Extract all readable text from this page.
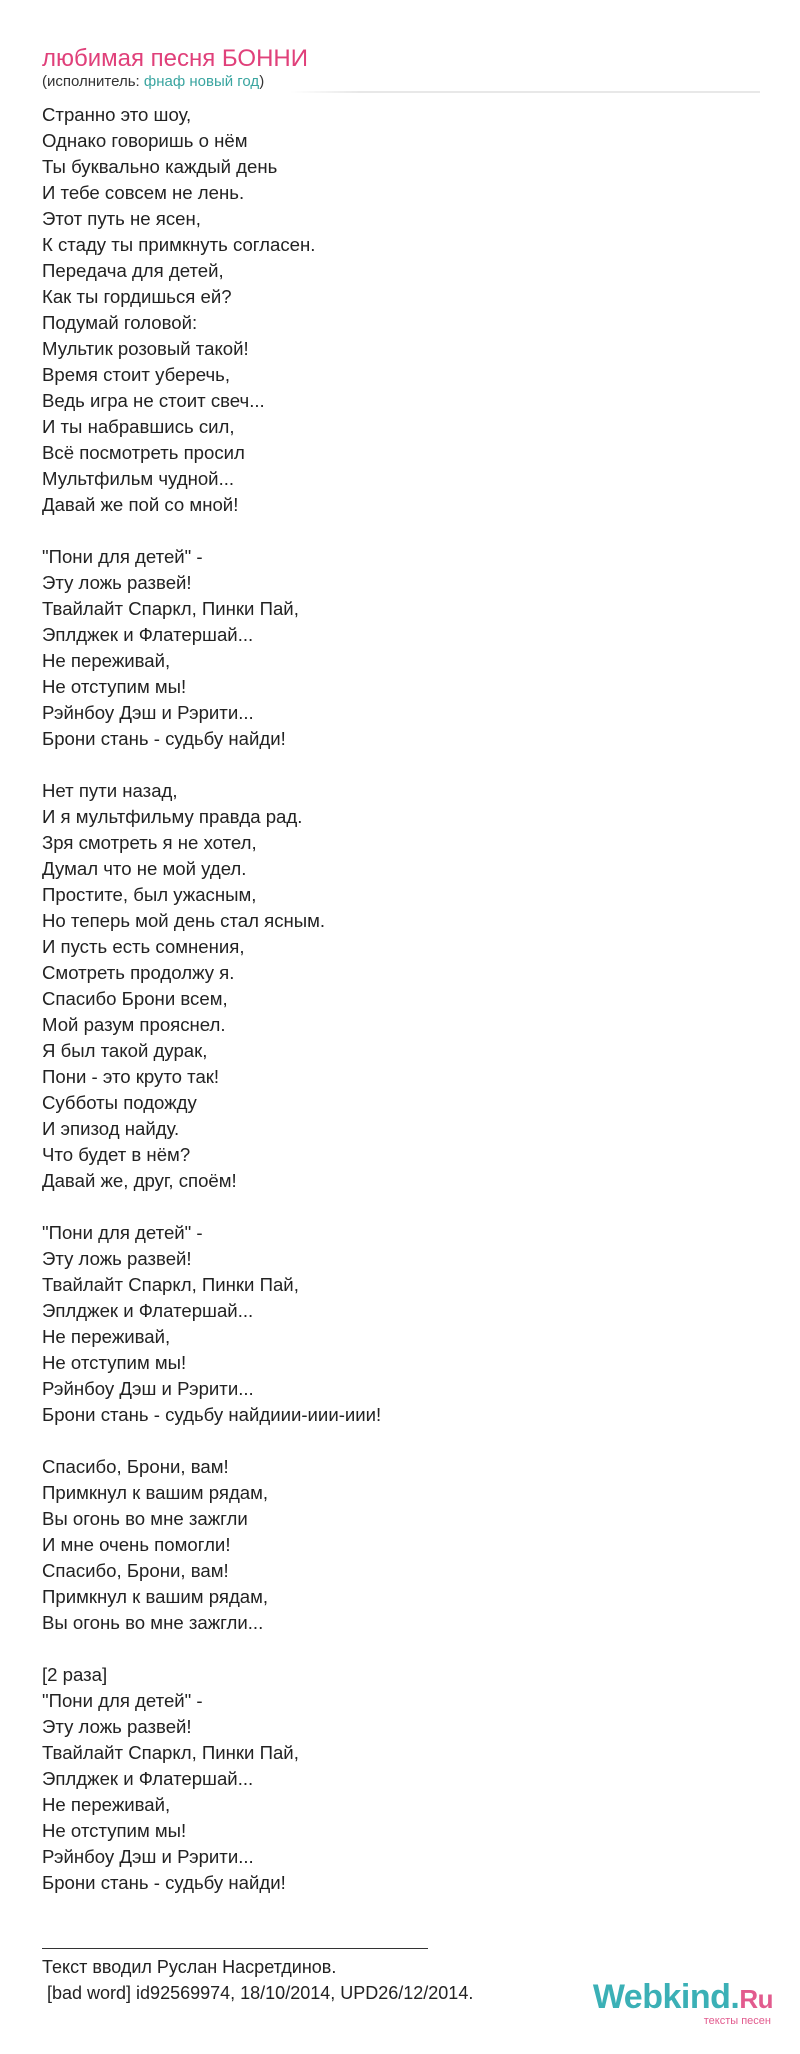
любимая песня БОННИ
(исполнитель: фнаф новый год)
Странно это шоу,
Однако говоришь о нём
Ты буквально каждый день
И тебе совсем не лень.
Этот путь не ясен,
К стаду ты примкнуть согласен.
Передача для детей,
Как ты гордишься ей?
Подумай головой:
Мультик розовый такой!
Время стоит уберечь,
Ведь игра не стоит свеч...
И ты набравшись сил,
Всё посмотреть просил
Мультфильм чудной...
Давай же пой со мной!

"Пони для детей" -
Эту ложь развей!
Твайлайт Спаркл, Пинки Пай,
Эплджек и Флатершай...
Не переживай,
Не отступим мы!
Рэйнбоу Дэш и Рэрити...
Брони стань - судьбу найди!

Нет пути назад,
И я мультфильму правда рад.
Зря смотреть я не хотел,
Думал что не мой удел.
Простите, был ужасным,
Но теперь мой день стал ясным.
И пусть есть сомнения,
Смотреть продолжу я.
Спасибо Брони всем,
Мой разум прояснел.
Я был такой дурак,
Пони - это круто так!
Субботы подожду
И эпизод найду.
Что будет в нём?
Давай же, друг, споём!

"Пони для детей" -
Эту ложь развей!
Твайлайт Спаркл, Пинки Пай,
Эплджек и Флатершай...
Не переживай,
Не отступим мы!
Рэйнбоу Дэш и Рэрити...
Брони стань - судьбу найдиии-иии-иии!

Спасибо, Брони, вам!
Примкнул к вашим рядам,
Вы огонь во мне зажгли
И мне очень помогли!
Спасибо, Брони, вам!
Примкнул к вашим рядам,
Вы огонь во мне зажгли...

[2 раза]
"Пони для детей" -
Эту ложь развей!
Твайлайт Спаркл, Пинки Пай,
Эплджек и Флатершай...
Не переживай,
Не отступим мы!
Рэйнбоу Дэш и Рэрити...
Брони стань - судьбу найди!
Текст вводил Руслан Насретдинов.
[bad word] id92569974, 18/10/2014, UPD26/12/2014.	Webkind.Ru
тексты песен
